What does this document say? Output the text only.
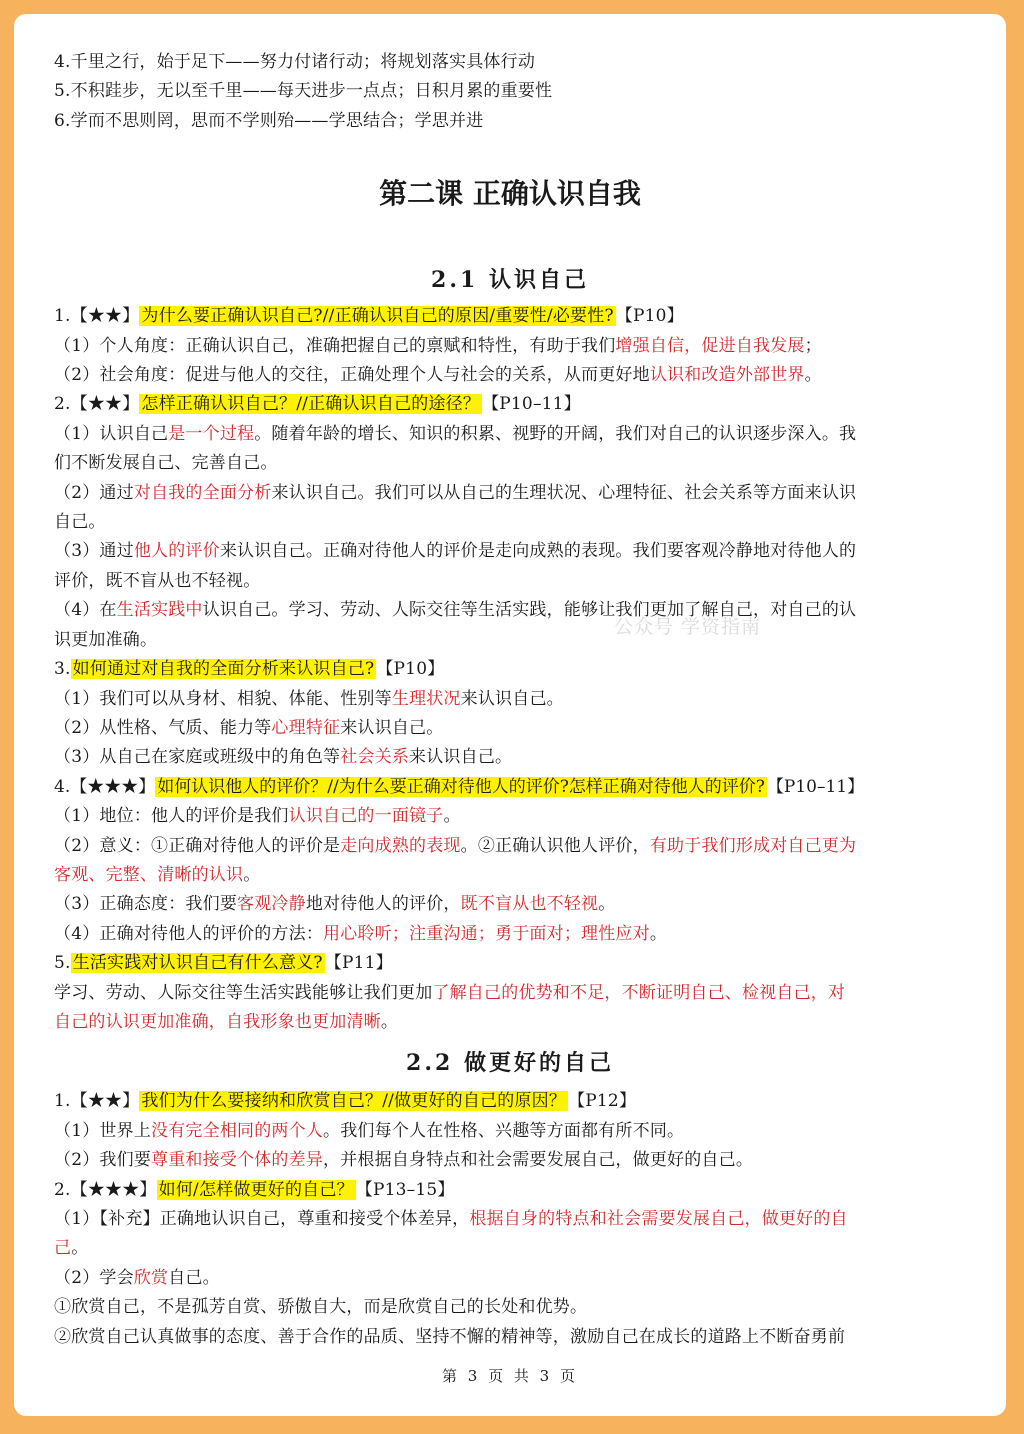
4.千里之行，始于足下——努力付诸行动；将规划落实具体行动
5.不积跬步，无以至千里——每天进步一点点；日积月累的重要性
6.学而不思则罔，思而不学则殆——学思结合；学思并进
第二课 正确认识自我
2.1 认识自己
1.【★★】 为什么要正确认识自己?//正确认识自己的原因/重要性/必要性? 【P10】
（1）个人角度：正确认识自己，准确把握自己的禀赋和特性，有助于我们增强自信，促进自我发展；
（2）社会角度：促进与他人的交往，正确处理个人与社会的关系，从而更好地认识和改造外部世界。
2.【★★】 怎样正确认识自己？//正确认识自己的途径？ 【P10–11】
（1）认识自己是一个过程。随着年龄的增长、知识的积累、视野的开阔，我们对自己的认识逐步深入。我
们不断发展自己、完善自己。
（2）通过对自我的全面分析来认识自己。我们可以从自己的生理状况、心理特征、社会关系等方面来认识
自己。
（3）通过他人的评价来认识自己。正确对待他人的评价是走向成熟的表现。我们要客观冷静地对待他人的
评价，既不盲从也不轻视。
（4）在生活实践中认识自己。学习、劳动、人际交往等生活实践，能够让我们更加了解自己，对自己的认
识更加准确。
3. 如何通过对自我的全面分析来认识自己? 【P10】
（1）我们可以从身材、相貌、体能、性别等生理状况来认识自己。
（2）从性格、气质、能力等心理特征来认识自己。
（3）从自己在家庭或班级中的角色等社会关系来认识自己。
4.【★★★】 如何认识他人的评价？//为什么要正确对待他人的评价?怎样正确对待他人的评价? 【P10–11】
（1）地位：他人的评价是我们认识自己的一面镜子。
（2）意义：①正确对待他人的评价是走向成熟的表现。②正确认识他人评价，有助于我们形成对自己更为
客观、完整、清晰的认识。
（3）正确态度：我们要客观冷静地对待他人的评价，既不盲从也不轻视。
（4）正确对待他人的评价的方法：用心聆听；注重沟通；勇于面对；理性应对。
5. 生活实践对认识自己有什么意义? 【P11】
学习、劳动、人际交往等生活实践能够让我们更加了解自己的优势和不足，不断证明自己、检视自己，对
自己的认识更加准确，自我形象也更加清晰。
2.2 做更好的自己
1.【★★】 我们为什么要接纳和欣赏自己？//做更好的自己的原因？ 【P12】
（1）世界上没有完全相同的两个人。我们每个人在性格、兴趣等方面都有所不同。
（2）我们要尊重和接受个体的差异，并根据自身特点和社会需要发展自己，做更好的自己。
2.【★★★】 如何/怎样做更好的自己？ 【P13–15】
（1）【补充】正确地认识自己，尊重和接受个体差异，根据自身的特点和社会需要发展自己，做更好的自
己。
（2）学会欣赏自己。
①欣赏自己，不是孤芳自赏、骄傲自大，而是欣赏自己的长处和优势。
②欣赏自己认真做事的态度、善于合作的品质、坚持不懈的精神等，激励自己在成长的道路上不断奋勇前
公众号 学资指南
第 3 页 共 3 页
